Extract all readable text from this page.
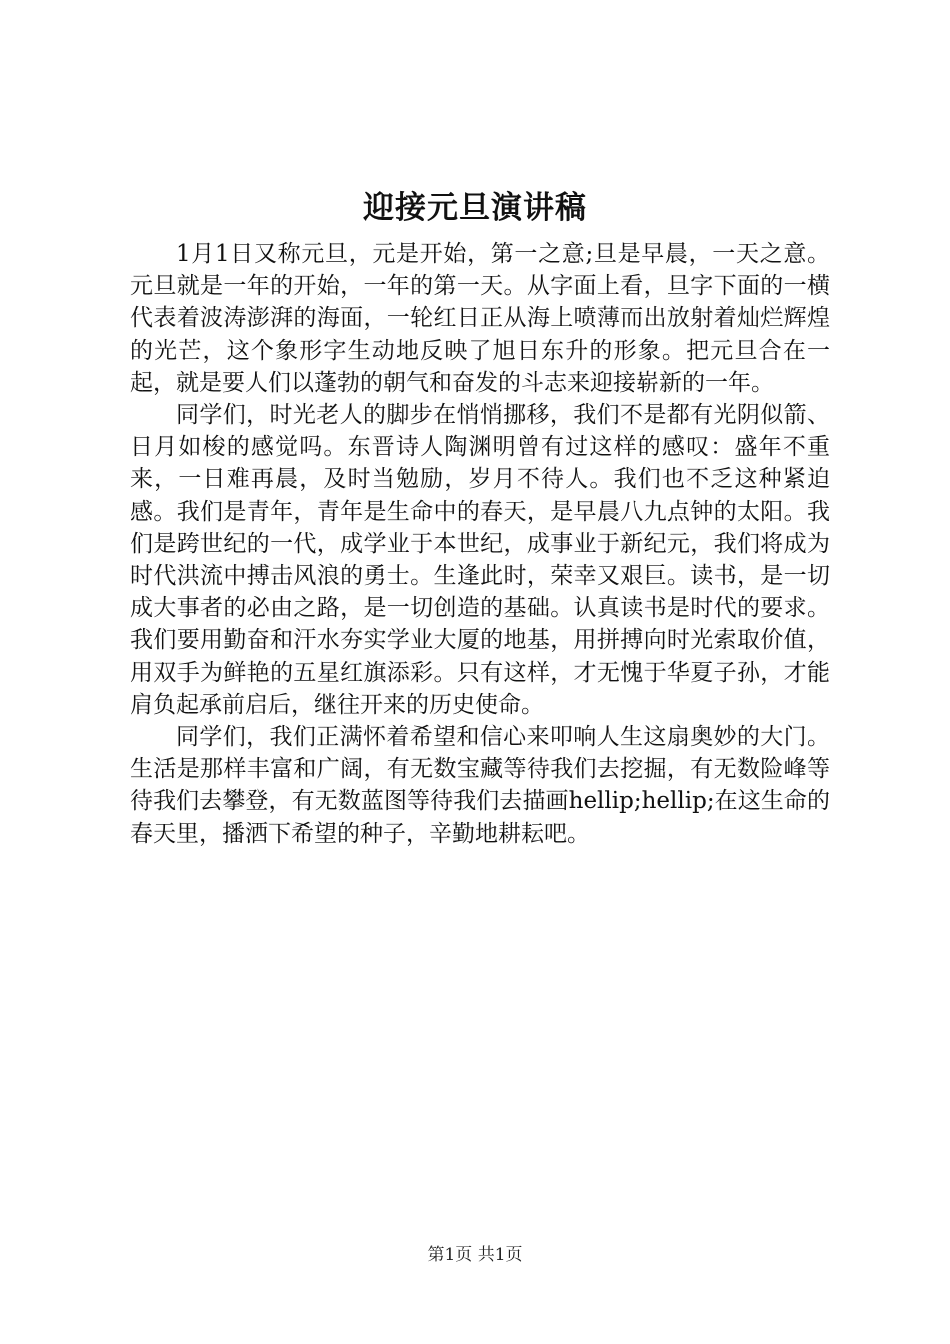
迎接元旦演讲稿

1月1日又称元旦，元是开始，第一之意;旦是早晨，一天之意。元旦就是一年的开始，一年的第一天。从字面上看，旦字下面的一横代表着波涛澎湃的海面，一轮红日正从海上喷薄而出放射着灿烂辉煌的光芒，这个象形字生动地反映了旭日东升的形象。把元旦合在一起，就是要人们以蓬勃的朝气和奋发的斗志来迎接崭新的一年。

同学们，时光老人的脚步在悄悄挪移，我们不是都有光阴似箭、日月如梭的感觉吗。东晋诗人陶渊明曾有过这样的感叹：盛年不重来，一日难再晨，及时当勉励，岁月不待人。我们也不乏这种紧迫感。我们是青年，青年是生命中的春天，是早晨八九点钟的太阳。我们是跨世纪的一代，成学业于本世纪，成事业于新纪元，我们将成为时代洪流中搏击风浪的勇士。生逢此时，荣幸又艰巨。读书，是一切成大事者的必由之路，是一切创造的基础。认真读书是时代的要求。我们要用勤奋和汗水夯实学业大厦的地基，用拼搏向时光索取价值，用双手为鲜艳的五星红旗添彩。只有这样，才无愧于华夏子孙，才能肩负起承前启后，继往开来的历史使命。

同学们，我们正满怀着希望和信心来叩响人生这扇奥妙的大门。生活是那样丰富和广阔，有无数宝藏等待我们去挖掘，有无数险峰等待我们去攀登，有无数蓝图等待我们去描画hellip;hellip;在这生命的春天里，播洒下希望的种子，辛勤地耕耘吧。

第1页 共1页
